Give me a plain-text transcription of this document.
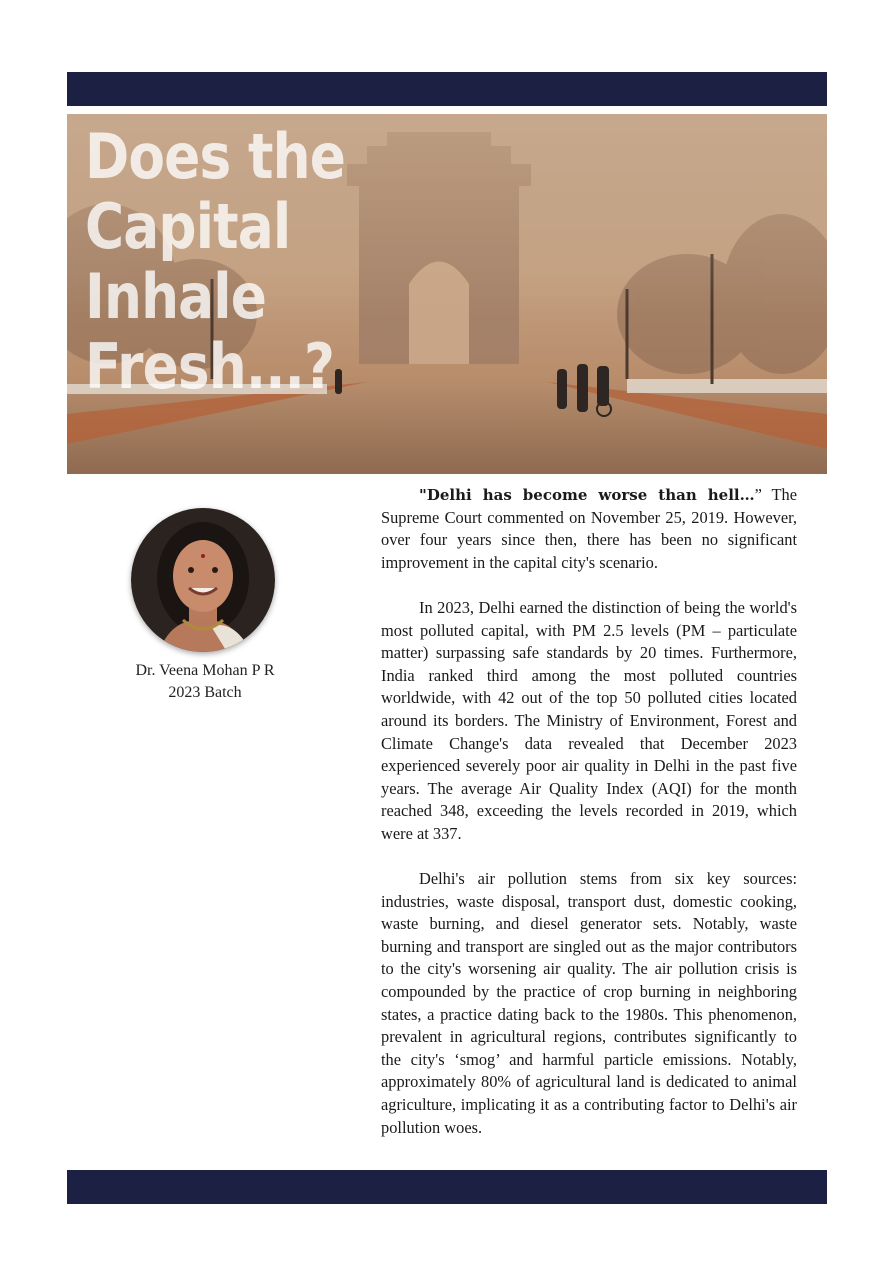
Does the
Capital
Inhale
Fresh...?
Dr. Veena Mohan P R
2023 Batch

"Delhi has become worse than hell…” The Supreme Court commented on November 25, 2019. However, over four years since then, there has been no significant improvement in the capital city's scenario.

In 2023, Delhi earned the distinction of being the world's most polluted capital, with PM 2.5 levels (PM – particulate matter) surpassing safe standards by 20 times. Furthermore, India ranked third among the most polluted countries worldwide, with 42 out of the top 50 polluted cities located around its borders. The Ministry of Environment, Forest and Climate Change's data revealed that December 2023 experienced severely poor air quality in Delhi in the past five years. The average Air Quality Index (AQI) for the month reached 348, exceeding the levels recorded in 2019, which were at 337.

Delhi's air pollution stems from six key sources: industries, waste disposal, transport dust, domestic cooking, waste burning, and diesel generator sets. Notably, waste burning and transport are singled out as the major contributors to the city's worsening air quality. The air pollution crisis is compounded by the practice of crop burning in neighboring states, a practice dating back to the 1980s. This phenomenon, prevalent in agricultural regions, contributes significantly to the city's ‘smog’ and harmful particle emissions. Notably, approximately 80% of agricultural land is dedicated to animal agriculture, implicating it as a contributing factor to Delhi's air pollution woes.
